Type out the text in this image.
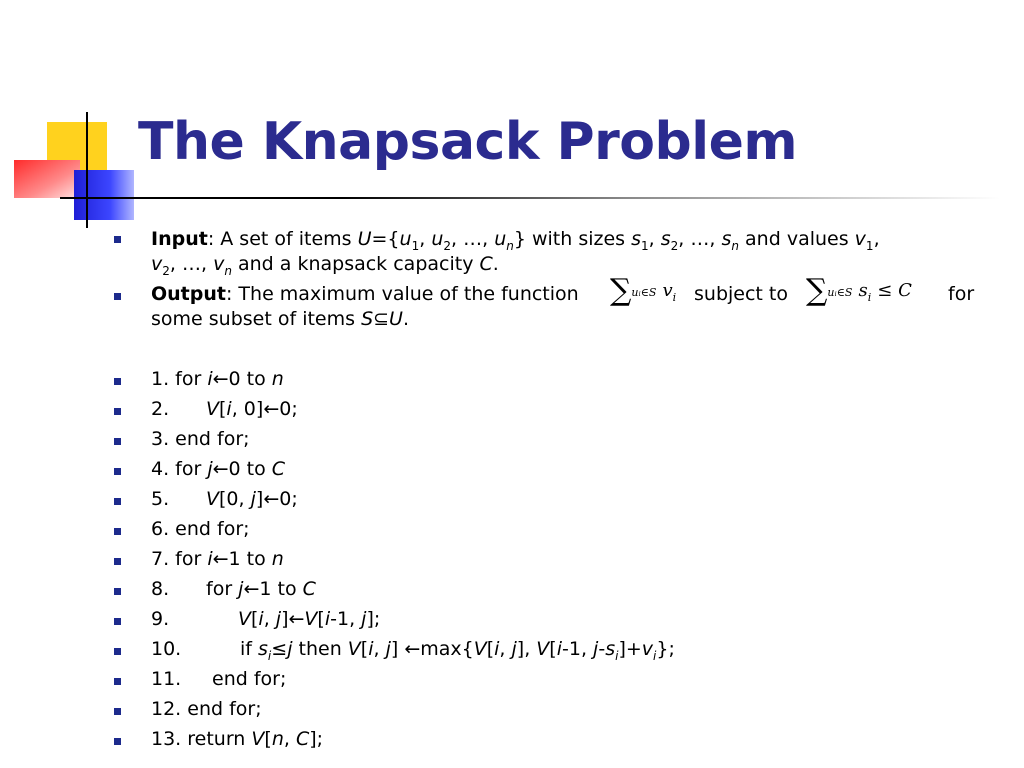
The Knapsack Problem
Input: A set of items $U=\{u_1$, $u_2$, …, $u_n$} with sizes $s_1$, $s_2$, …, $s_n$ and values $v_1$,
$v_2$, …, $v_n$ and a knapsack capacity C.
Output: The maximum value of the function ∑uᵢ∈S $v_i$ subject to ∑uᵢ∈S $s_i \le C$ for
some subset of items S⊆U.
1. for i←0 to n
2. V[i, 0]←0;
3. end for;
4. for j←0 to C
5. V[0, j]←0;
6. end for;
7. for i←1 to n
8. for j←1 to C
9.	V[i, j]←V[i-1, j];
10.	if $s_i\le j$ then V[i, j] ←max{V[i, j], V[i-1, $j-s_i]+v_i$};
11. end for;
12. end for;
13. return V[n, C];
